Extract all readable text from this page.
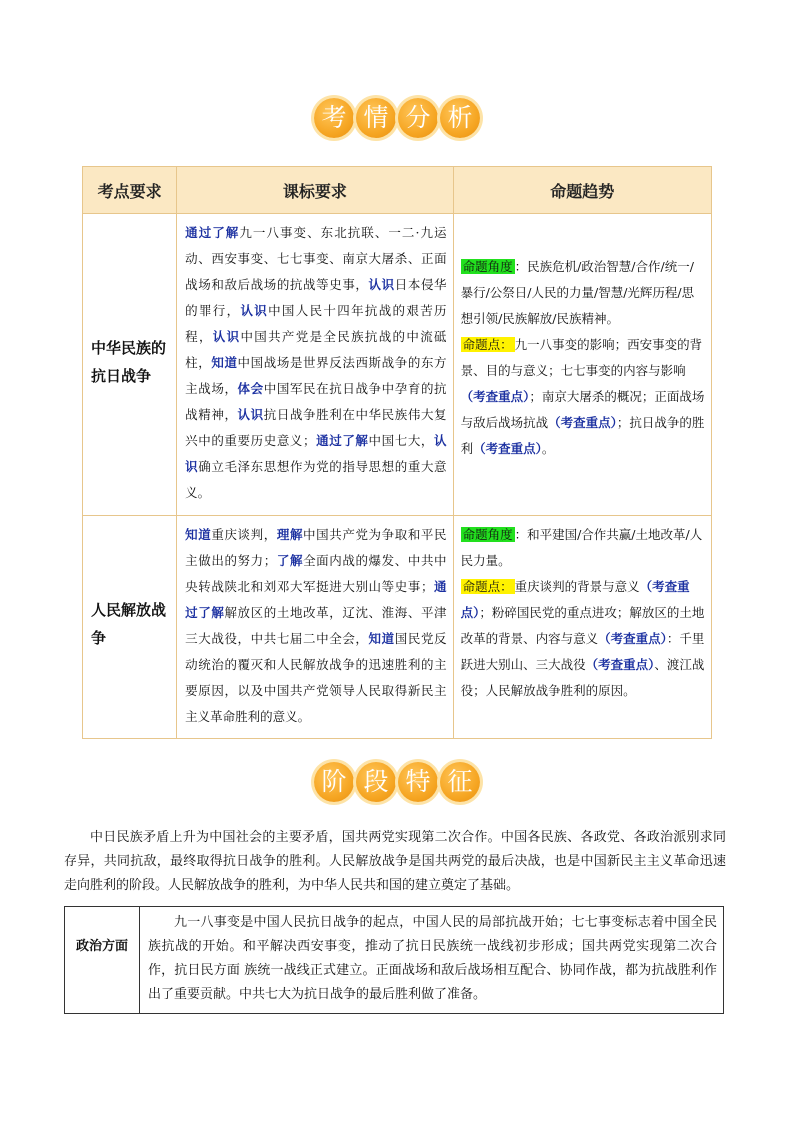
考 情 分 析
考点要求	课标要求	命题趋势

中华民族的
抗日战争	通过了解九一八事变、东北抗联、一二·九运动、西安事变、七七事变、南京大屠杀、正面战场和敌后战场的抗战等史事，认识日本侵华的罪行，认识中国人民十四年抗战的艰苦历程，认识中国共产党是全民族抗战的中流砥柱，知道中国战场是世界反法西斯战争的东方主战场，体会中国军民在抗日战争中孕育的抗战精神，认识抗日战争胜利在中华民族伟大复兴中的重要历史意义；通过了解中国七大，认识确立毛泽东思想作为党的指导思想的重大意义。	命题角度 ：民族危机/政治智慧/合作/统一/暴行/公祭日/人民的力量/智慧/光辉历程/思想引领/民族解放/民族精神。
命题点： 九一八事变的影响；西安事变的背景、目的与意义；七七事变的内容与影响（考查重点）；南京大屠杀的概况；正面战场与敌后战场抗战（考查重点）；抗日战争的胜利（考查重点）。

人民解放战
争	知道重庆谈判，理解中国共产党为争取和平民主做出的努力；了解全面内战的爆发、中共中央转战陕北和刘邓大军挺进大别山等史事；通过了解解放区的土地改革，辽沈、淮海、平津三大战役，中共七届二中全会，知道国民党反动统治的覆灭和人民解放战争的迅速胜利的主要原因，以及中国共产党领导人民取得新民主主义革命胜利的意义。	命题角度 ：和平建国/合作共赢/土地改革/人民力量。
命题点： 重庆谈判的背景与意义（考查重点）；粉碎国民党的重点进攻；解放区的土地改革的背景、内容与意义（考查重点）：千里跃进大别山、三大战役（考查重点）、渡江战役；人民解放战争胜利的原因。
阶 段 特 征

中日民族矛盾上升为中国社会的主要矛盾，国共两党实现第二次合作。中国各民族、各政党、各政治派别求同存异，共同抗敌，最终取得抗日战争的胜利。人民解放战争是国共两党的最后决战，也是中国新民主主义革命迅速走向胜利的阶段。人民解放战争的胜利，为中华人民共和国的建立奠定了基础。

政治方面	九一八事变是中国人民抗日战争的起点，中国人民的局部抗战开始；七七事变标志着中国全民族抗战的开始。和平解决西安事变，推动了抗日民族统一战线初步形成；国共两党实现第二次合作，抗日民方面 族统一战线正式建立。正面战场和敌后战场相互配合、协同作战，都为抗战胜利作出了重要贡献。中共七大为抗日战争的最后胜利做了准备。
